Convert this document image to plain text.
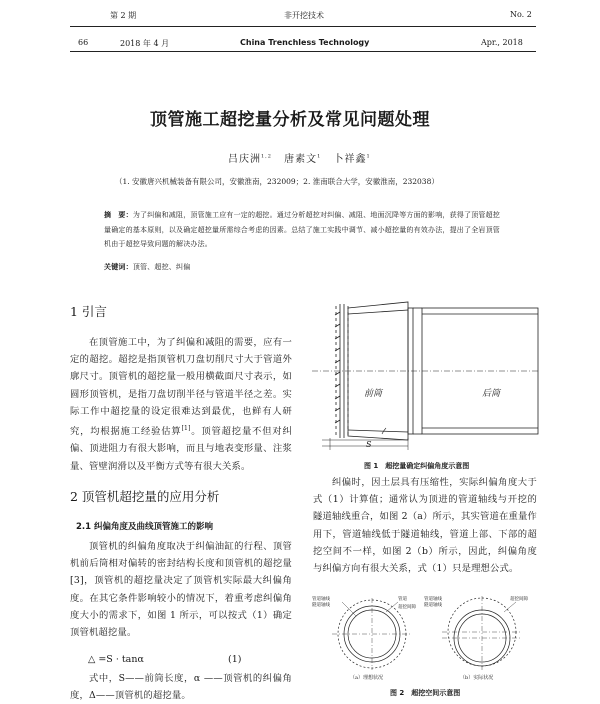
第 2 期	非开挖技术	No. 2
66	2018 年 4 月	China Trenchless Technology	Apr., 2018
顶管施工超挖量分析及常见问题处理
吕庆洲$^{1,2}$ 唐素文$^1$ 卜祥鑫$^1$
（1. 安徽唐兴机械装备有限公司，安徽淮南，232009；2. 淮南联合大学，安徽淮南，232038）
摘　要：为了纠偏和减阻，顶管施工应有一定的超挖。通过分析超挖对纠偏、减阻、地面沉降等方面的影响，获得了顶管超挖量确定的基本原则，以及确定超挖量所需综合考虑的因素。总结了施工实践中调节、减小超挖量的有效办法，提出了全岩顶管机由于超挖导致问题的解决办法。
关键词：顶管、超挖、纠偏
1 引言
在顶管施工中，为了纠偏和减阻的需要，应有一定的超挖。超挖是指顶管机刀盘切削尺寸大于管道外廓尺寸。顶管机的超挖量一般用横截面尺寸表示，如圆形顶管机，是指刀盘切削半径与管道半径之差。实际工作中超挖量的设定很难达到最优，也鲜有人研究，均根据施工经验估算[1]。顶管超挖量不但对纠偏、顶进阻力有很大影响，而且与地表变形量、注浆量、管壁润滑以及平衡方式等有很大关系。
2 顶管机超挖量的应用分析
2.1 纠偏角度及曲线顶管施工的影响
顶管机的纠偏角度取决于纠偏油缸的行程、顶管机前后筒相对偏转的密封结构长度和顶管机的超挖量[3]，顶管机的超挖量决定了顶管机实际最大纠偏角度。在其它条件影响较小的情况下，着重考虑纠偏角度大小的需求下，如图 1 所示，可以按式（1）确定顶管机超挖量。
△ =S · tanα	(1)
式中，S——前筒长度，α ——顶管机的纠偏角度，Δ——顶管机的超挖量。
前筒	后筒
S
图 1　超挖量确定纠偏角度示意图
纠偏时，因土层具有压缩性，实际纠偏角度大于式（1）计算值；通常认为顶进的管道轴线与开挖的隧道轴线重合，如图 2（a）所示，其实管道在重量作用下，管道轴线低于隧道轴线，管道上部、下部的超挖空间不一样，如图 2（b）所示，因此，纠偏角度与纠偏方向有很大关系，式（1）只是理想公式。
管道轴线
隧道轴线
管道
超挖间隙
管道轴线
隧道轴线
超挖间隙
（a）理想状况	（b）实际状况
图 2　超挖空间示意图
